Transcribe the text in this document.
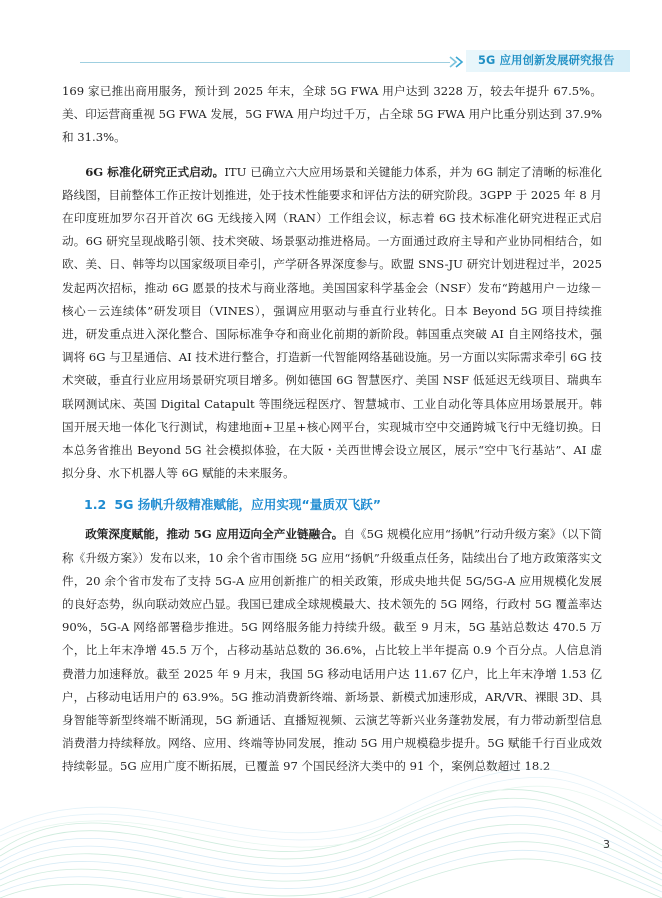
5G 应用创新发展研究报告

169 家已推出商用服务，预计到 2025 年末，全球 5G FWA 用户达到 3228 万，较去年提升 67.5%。美、印运营商重视 5G FWA 发展，5G FWA 用户均过千万，占全球 5G FWA 用户比重分别达到 37.9%和 31.3%。

6G 标准化研究正式启动。ITU 已确立六大应用场景和关键能力体系，并为 6G 制定了清晰的标准化路线图，目前整体工作正按计划推进，处于技术性能要求和评估方法的研究阶段。3GPP 于 2025 年 8 月在印度班加罗尔召开首次 6G 无线接入网（RAN）工作组会议，标志着 6G 技术标准化研究进程正式启动。6G 研究呈现战略引领、技术突破、场景驱动推进格局。一方面通过政府主导和产业协同相结合，如欧、美、日、韩等均以国家级项目牵引，产学研各界深度参与。欧盟 SNS-JU 研究计划进程过半，2025 发起两次招标，推动 6G 愿景的技术与商业落地。美国国家科学基金会（NSF）发布“跨越用户－边缘－核心－云连续体”研发项目（VINES），强调应用驱动与垂直行业转化。日本 Beyond 5G 项目持续推进，研发重点进入深化整合、国际标准争夺和商业化前期的新阶段。韩国重点突破 AI 自主网络技术，强调将 6G 与卫星通信、AI 技术进行整合，打造新一代智能网络基础设施。另一方面以实际需求牵引 6G 技术突破，垂直行业应用场景研究项目增多。例如德国 6G 智慧医疗、美国 NSF 低延迟无线项目、瑞典车联网测试床、英国 Digital Catapult 等围绕远程医疗、智慧城市、工业自动化等具体应用场景展开。韩国开展天地一体化飞行测试，构建地面+卫星+核心网平台，实现城市空中交通跨城飞行中无缝切换。日本总务省推出 Beyond 5G 社会模拟体验，在大阪・关西世博会设立展区，展示“空中飞行基站”、AI 虚拟分身、水下机器人等 6G 赋能的未来服务。

1.2 5G 扬帆升级精准赋能，应用实现“量质双飞跃”

政策深度赋能，推动 5G 应用迈向全产业链融合。自《5G 规模化应用“扬帆”行动升级方案》（以下简称《升级方案》）发布以来，10 余个省市围绕 5G 应用“扬帆”升级重点任务，陆续出台了地方政策落实文件，20 余个省市发布了支持 5G-A 应用创新推广的相关政策，形成央地共促 5G/5G-A 应用规模化发展的良好态势，纵向联动效应凸显。我国已建成全球规模最大、技术领先的 5G 网络，行政村 5G 覆盖率达 90%，5G-A 网络部署稳步推进。5G 网络服务能力持续升级。截至 9 月末，5G 基站总数达 470.5 万个，比上年末净增 45.5 万个，占移动基站总数的 36.6%，占比较上半年提高 0.9 个百分点。人信息消费潜力加速释放。截至 2025 年 9 月末，我国 5G 移动电话用户达 11.67 亿户，比上年末净增 1.53 亿户，占移动电话用户的 63.9%。5G 推动消费新终端、新场景、新模式加速形成，AR/VR、裸眼 3D、具身智能等新型终端不断涌现，5G 新通话、直播短视频、云演艺等新兴业务蓬勃发展，有力带动新型信息消费潜力持续释放。网络、应用、终端等协同发展，推动 5G 用户规模稳步提升。5G 赋能千行百业成效持续彰显。5G 应用广度不断拓展，已覆盖 97 个国民经济大类中的 91 个，案例总数超过 18.2

3
